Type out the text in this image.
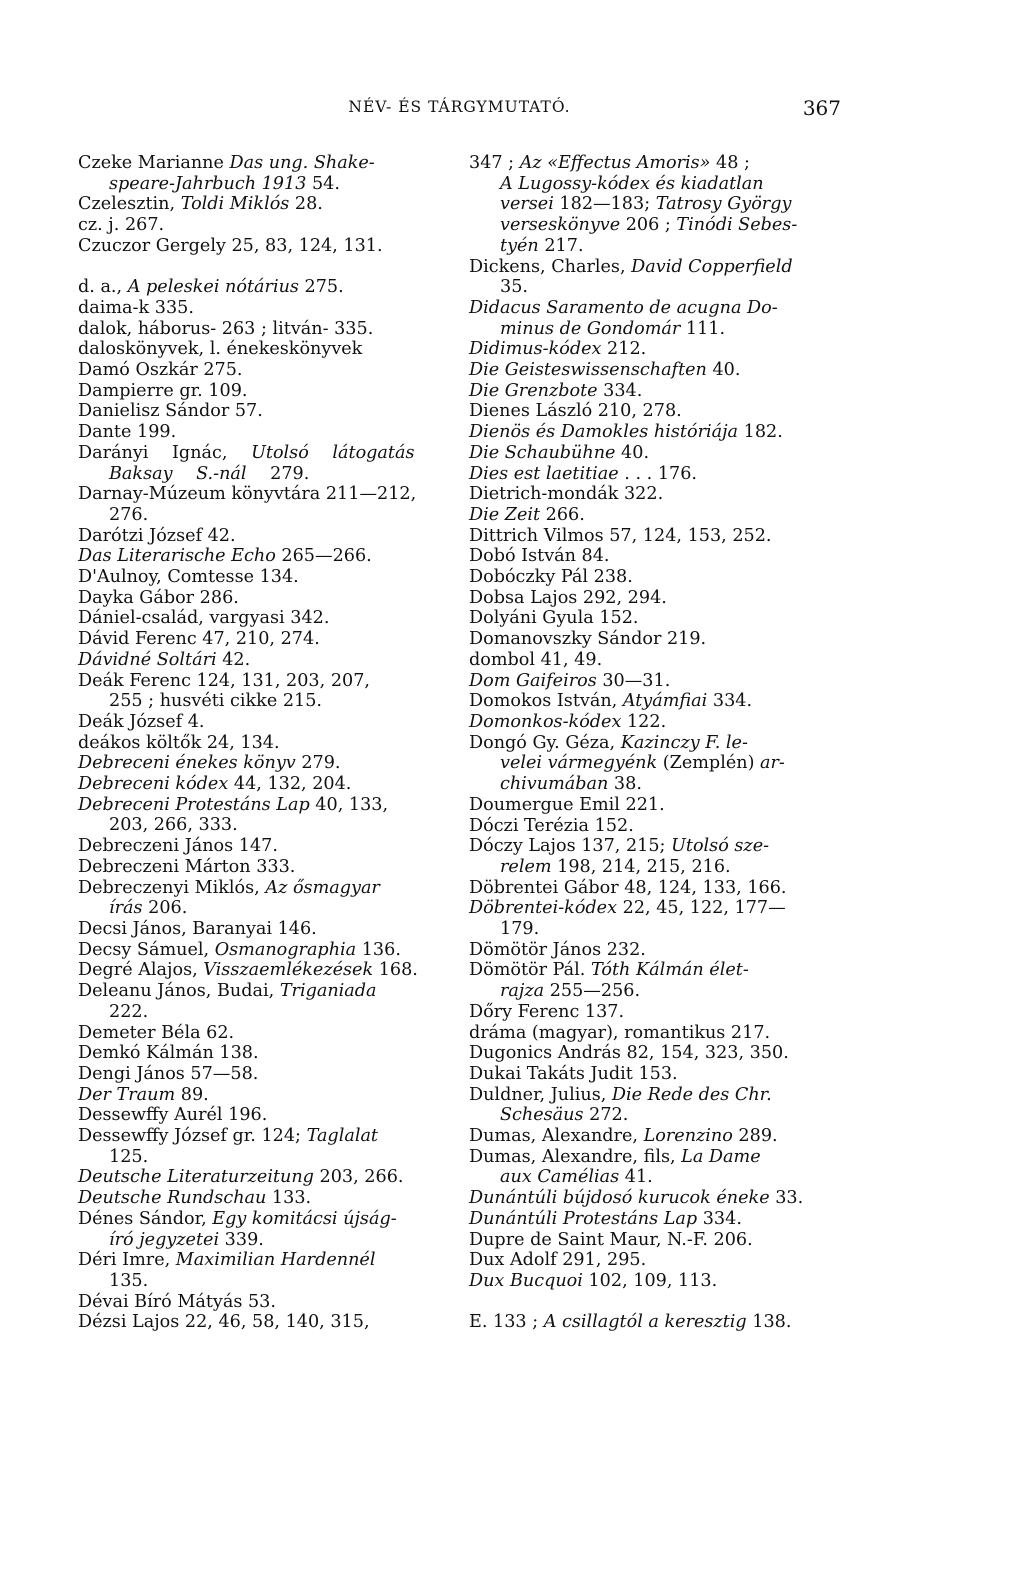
NÉV- ÉS TÁRGYMUTATÓ.	367
Czeke Marianne Das ung. Shake-
speare-Jahrbuch 1913 54.
Czelesztin, Toldi Miklós 28.
cz. j. 267.
Czuczor Gergely 25, 83, 124, 131.
d. a., A peleskei nótárius 275.
daima-k 335.
dalok, háborus- 263 ; litván- 335.
daloskönyvek, l. énekeskönyvek
Damó Oszkár 275.
Dampierre gr. 109.
Danielisz Sándor 57.
Dante 199.
Darányi Ignác, Utolsó látogatás
Baksay S.-nál 279.
Darnay-Múzeum könyvtára 211—212,
276.
Darótzi József 42.
Das Literarische Echo 265—266.
D'Aulnoy, Comtesse 134.
Dayka Gábor 286.
Dániel-család, vargyasi 342.
Dávid Ferenc 47, 210, 274.
Dávidné Soltári 42.
Deák Ferenc 124, 131, 203, 207,
255 ; husvéti cikke 215.
Deák József 4.
deákos költők 24, 134.
Debreceni énekes könyv 279.
Debreceni kódex 44, 132, 204.
Debreceni Protestáns Lap 40, 133,
203, 266, 333.
Debreczeni János 147.
Debreczeni Márton 333.
Debreczenyi Miklós, Az ősmagyar
írás 206.
Decsi János, Baranyai 146.
Decsy Sámuel, Osmanographia 136.
Degré Alajos, Visszaemlékezések 168.
Deleanu János, Budai, Triganiada
222.
Demeter Béla 62.
Demkó Kálmán 138.
Dengi János 57—58.
Der Traum 89.
Dessewffy Aurél 196.
Dessewffy József gr. 124; Taglalat
125.
Deutsche Literaturzeitung 203, 266.
Deutsche Rundschau 133.
Dénes Sándor, Egy komitácsi újság-
író jegyzetei 339.
Déri Imre, Maximilian Hardennél
135.
Dévai Bíró Mátyás 53.
Dézsi Lajos 22, 46, 58, 140, 315,
347 ; Az «Effectus Amoris» 48 ;
A Lugossy-kódex és kiadatlan
versei 182—183; Tatrosy György
verseskönyve 206 ; Tinódi Sebes-
tyén 217.
Dickens, Charles, David Copperfield
35.
Didacus Saramento de acugna Do-
minus de Gondomár 111.
Didimus-kódex 212.
Die Geisteswissenschaften 40.
Die Grenzbote 334.
Dienes László 210, 278.
Dienös és Damokles históriája 182.
Die Schaubühne 40.
Dies est laetitiae . . . 176.
Dietrich-mondák 322.
Die Zeit 266.
Dittrich Vilmos 57, 124, 153, 252.
Dobó István 84.
Dobóczky Pál 238.
Dobsa Lajos 292, 294.
Dolyáni Gyula 152.
Domanovszky Sándor 219.
dombol 41, 49.
Dom Gaifeiros 30—31.
Domokos István, Atyámfiai 334.
Domonkos-kódex 122.
Dongó Gy. Géza, Kazinczy F. le-
velei vármegyénk (Zemplén) ar-
chivumában 38.
Doumergue Emil 221.
Dóczi Terézia 152.
Dóczy Lajos 137, 215; Utolsó sze-
relem 198, 214, 215, 216.
Döbrentei Gábor 48, 124, 133, 166.
Döbrentei-kódex 22, 45, 122, 177—
179.
Dömötör János 232.
Dömötör Pál. Tóth Kálmán élet-
rajza 255—256.
Dőry Ferenc 137.
dráma (magyar), romantikus 217.
Dugonics András 82, 154, 323, 350.
Dukai Takáts Judit 153.
Duldner, Julius, Die Rede des Chr.
Schesäus 272.
Dumas, Alexandre, Lorenzino 289.
Dumas, Alexandre, fils, La Dame
aux Camélias 41.
Dunántúli bújdosó kurucok éneke 33.
Dunántúli Protestáns Lap 334.
Dupre de Saint Maur, N.-F. 206.
Dux Adolf 291, 295.
Dux Bucquoi 102, 109, 113.
E. 133 ; A csillagtól a keresztig 138.
